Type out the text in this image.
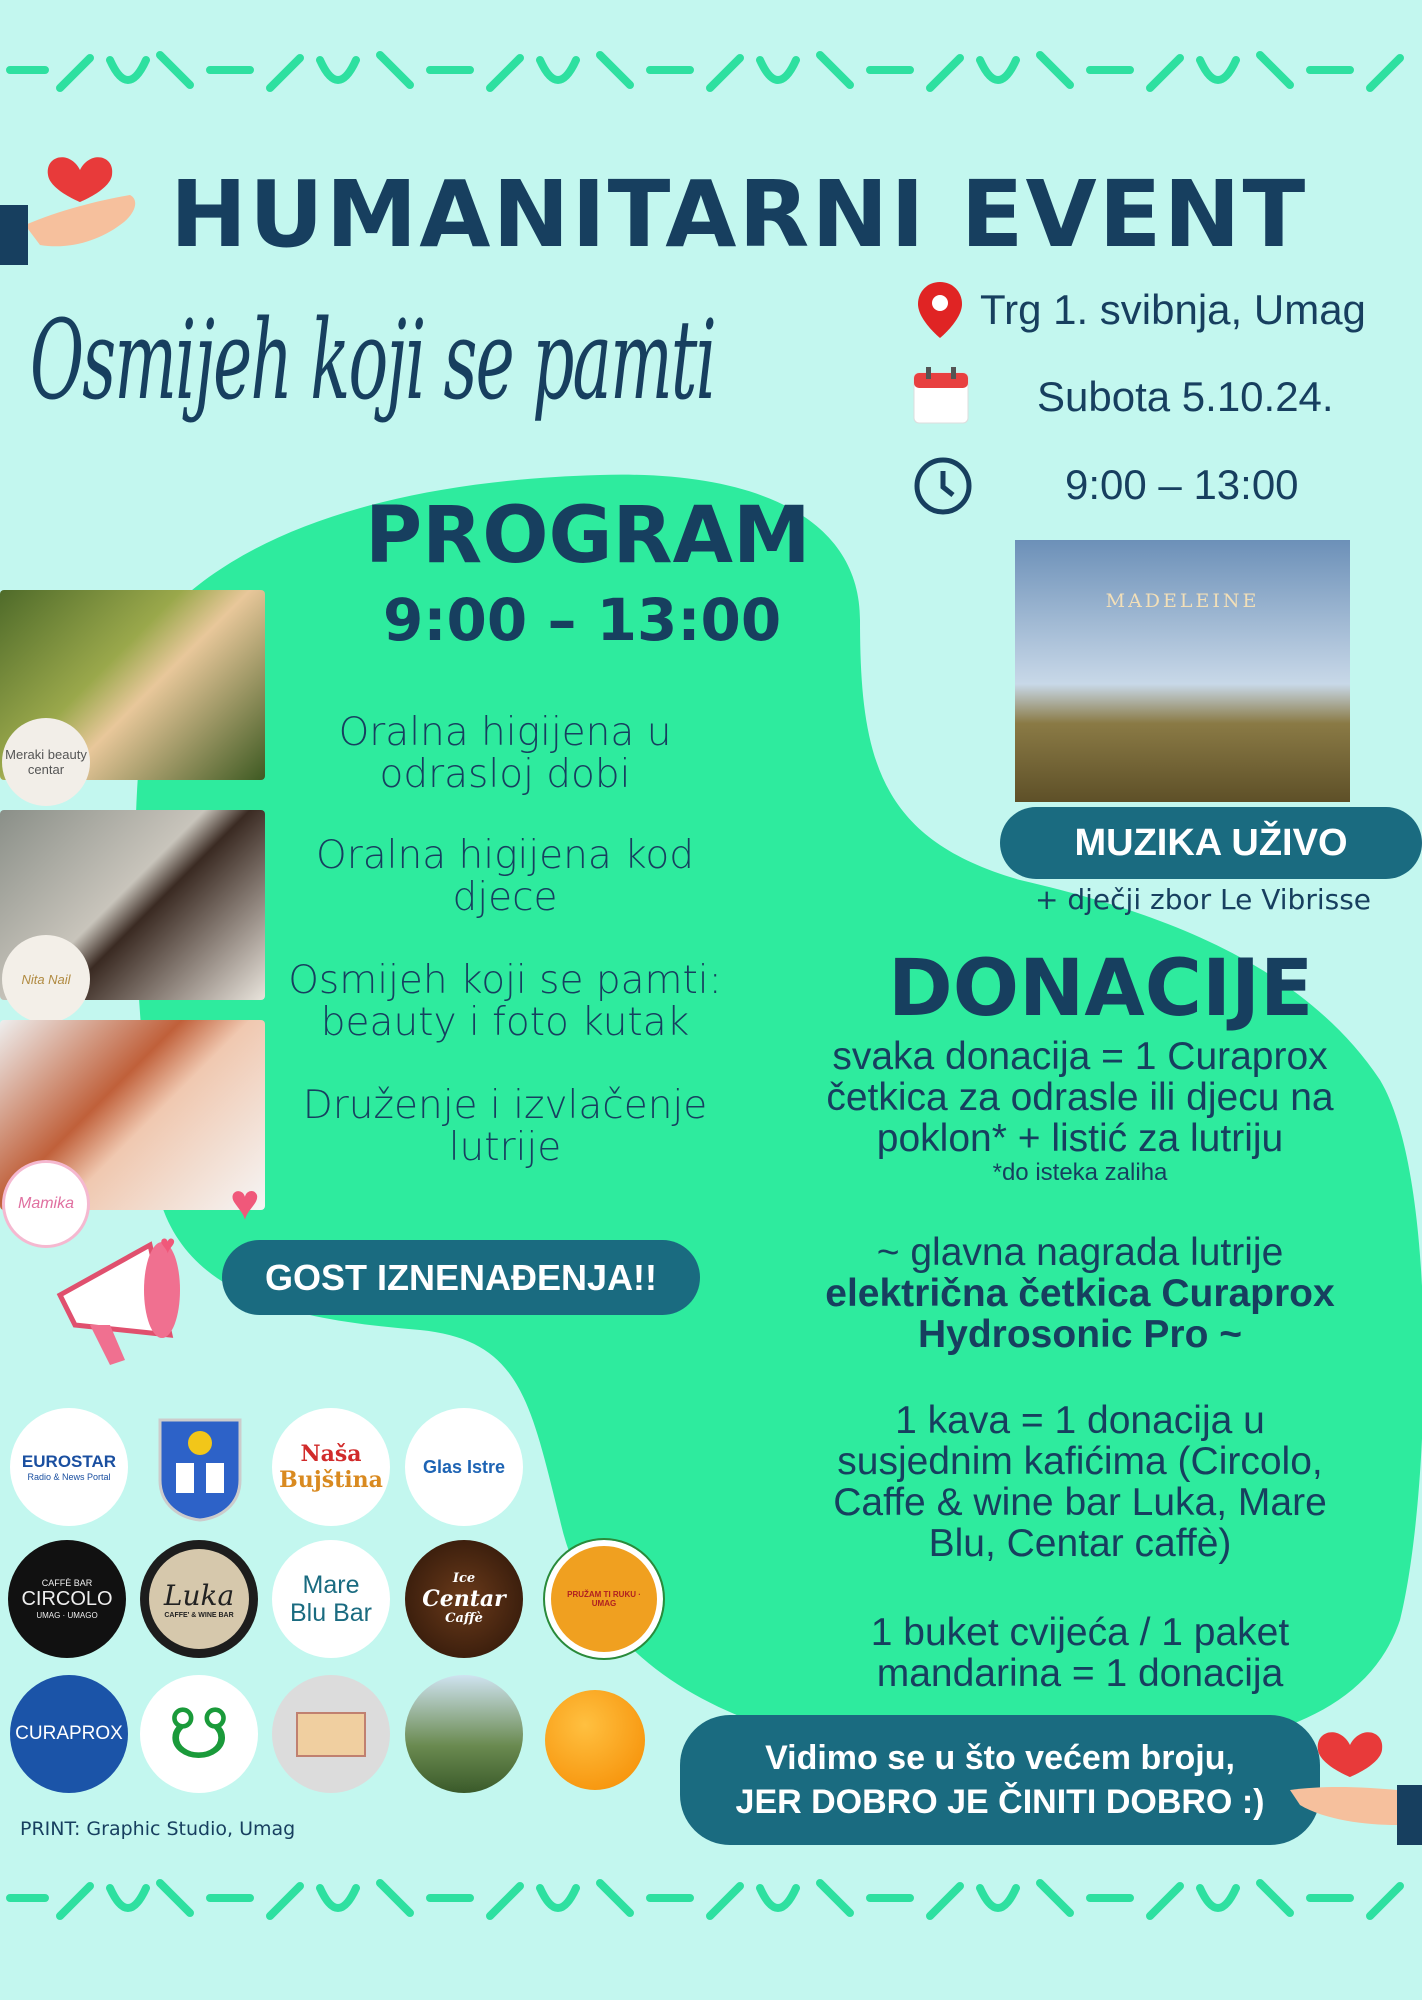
HUMANITARNI EVENT
Osmijeh koji se pamti	Trg 1. svibnja, Umag
Subota 5.10.24.
9:00 – 13:00
PROGRAM
9:00 – 13:00
Oralna higijena u
odrasloj dobi
Oralna higijena kod
djece
Osmijeh koji se pamti:
beauty i foto kutak
Druženje i izvlačenje
lutrije
Meraki beauty centar
Nita Nail
Mamika	♥
♥
GOST IZNENAĐENJA!!
MADELEINE
MUZIKA UŽIVO
+ dječji zbor Le Vibrisse
DONACIJE
svaka donacija = 1 Curaprox
četkica za odrasle ili djecu na
poklon* + listić za lutriju
*do isteka zaliha
~ glavna nagrada lutrije
električna četkica Curaprox
Hydrosonic Pro ~
1 kava = 1 donacija u
susjednim kafićima (Circolo,
Caffe & wine bar Luka, Mare
Blu, Centar caffè)
1 buket cvijeća / 1 paket
mandarina = 1 donacija
Vidimo se u što većem broju,
JER DOBRO JE ČINITI DOBRO :)
EUROSTAR
Radio & News Portal
Naša
Bujština
Glas Istre
CAFFÈ BAR
CIRCOLO
UMAG · UMAGO
Luka
CAFFE' & WINE BAR
Mare
Blu Bar
Ice
Centar
Caffè
PRUŽAM TI RUKU · UMAG
CURAPROX ☋
PRINT: Graphic Studio, Umag
